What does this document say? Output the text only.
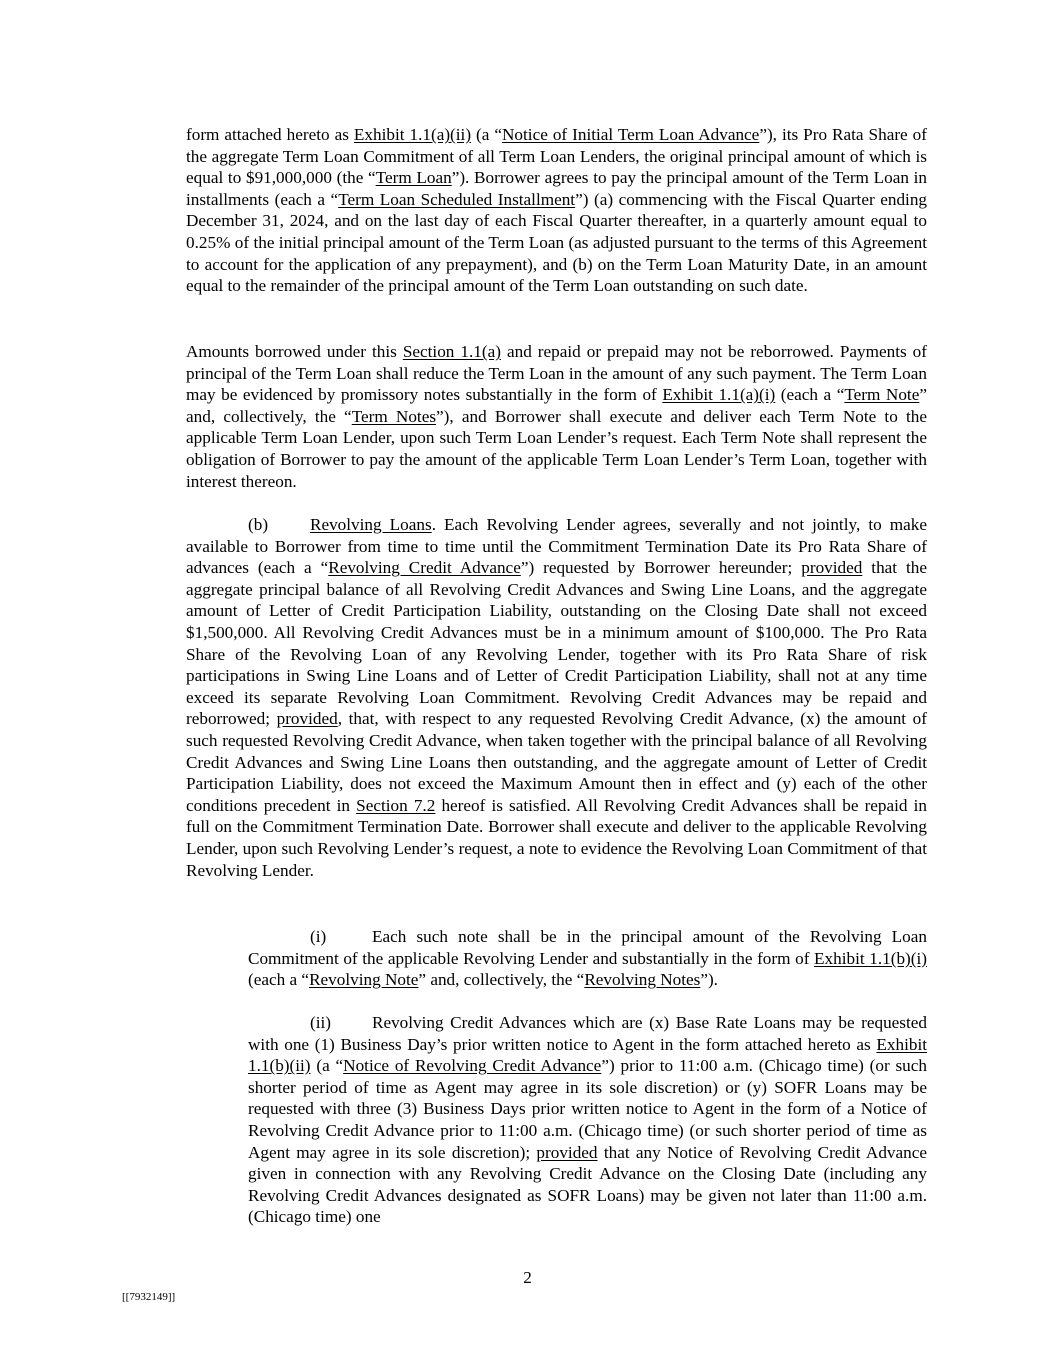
form attached hereto as Exhibit 1.1(a)(ii) (a “Notice of Initial Term Loan Advance”), its Pro Rata Share of the aggregate Term Loan Commitment of all Term Loan Lenders, the original principal amount of which is equal to $91,000,000 (the “Term Loan”). Borrower agrees to pay the principal amount of the Term Loan in installments (each a “Term Loan Scheduled Installment”) (a) commencing with the Fiscal Quarter ending December 31, 2024, and on the last day of each Fiscal Quarter thereafter, in a quarterly amount equal to 0.25% of the initial principal amount of the Term Loan (as adjusted pursuant to the terms of this Agreement to account for the application of any prepayment), and (b) on the Term Loan Maturity Date, in an amount equal to the remainder of the principal amount of the Term Loan outstanding on such date.

Amounts borrowed under this Section 1.1(a) and repaid or prepaid may not be reborrowed. Payments of principal of the Term Loan shall reduce the Term Loan in the amount of any such payment. The Term Loan may be evidenced by promissory notes substantially in the form of Exhibit 1.1(a)(i) (each a “Term Note” and, collectively, the “Term Notes”), and Borrower shall execute and deliver each Term Note to the applicable Term Loan Lender, upon such Term Loan Lender’s request. Each Term Note shall represent the obligation of Borrower to pay the amount of the applicable Term Loan Lender’s Term Loan, together with interest thereon.

(b) Revolving Loans. Each Revolving Lender agrees, severally and not jointly, to make available to Borrower from time to time until the Commitment Termination Date its Pro Rata Share of advances (each a “Revolving Credit Advance”) requested by Borrower hereunder; provided that the aggregate principal balance of all Revolving Credit Advances and Swing Line Loans, and the aggregate amount of Letter of Credit Participation Liability, outstanding on the Closing Date shall not exceed $1,500,000. All Revolving Credit Advances must be in a minimum amount of $100,000. The Pro Rata Share of the Revolving Loan of any Revolving Lender, together with its Pro Rata Share of risk participations in Swing Line Loans and of Letter of Credit Participation Liability, shall not at any time exceed its separate Revolving Loan Commitment. Revolving Credit Advances may be repaid and reborrowed; provided, that, with respect to any requested Revolving Credit Advance, (x) the amount of such requested Revolving Credit Advance, when taken together with the principal balance of all Revolving Credit Advances and Swing Line Loans then outstanding, and the aggregate amount of Letter of Credit Participation Liability, does not exceed the Maximum Amount then in effect and (y) each of the other conditions precedent in Section 7.2 hereof is satisfied. All Revolving Credit Advances shall be repaid in full on the Commitment Termination Date. Borrower shall execute and deliver to the applicable Revolving Lender, upon such Revolving Lender’s request, a note to evidence the Revolving Loan Commitment of that Revolving Lender.

(i)	Each such note shall be in the principal amount of the Revolving Loan Commitment of the applicable Revolving Lender and substantially in the form of Exhibit 1.1(b)(i) (each a “Revolving Note” and, collectively, the “Revolving Notes”).

(ii) Revolving Credit Advances which are (x) Base Rate Loans may be requested with one (1) Business Day’s prior written notice to Agent in the form attached hereto as Exhibit 1.1(b)(ii) (a “Notice of Revolving Credit Advance”) prior to 11:00 a.m. (Chicago time) (or such shorter period of time as Agent may agree in its sole discretion) or (y) SOFR Loans may be requested with three (3) Business Days prior written notice to Agent in the form of a Notice of Revolving Credit Advance prior to 11:00 a.m. (Chicago time) (or such shorter period of time as Agent may agree in its sole discretion); provided that any Notice of Revolving Credit Advance given in connection with any Revolving Credit Advance on the Closing Date (including any Revolving Credit Advances designated as SOFR Loans) may be given not later than 11:00 a.m. (Chicago time) one

2
[[7932149]]
